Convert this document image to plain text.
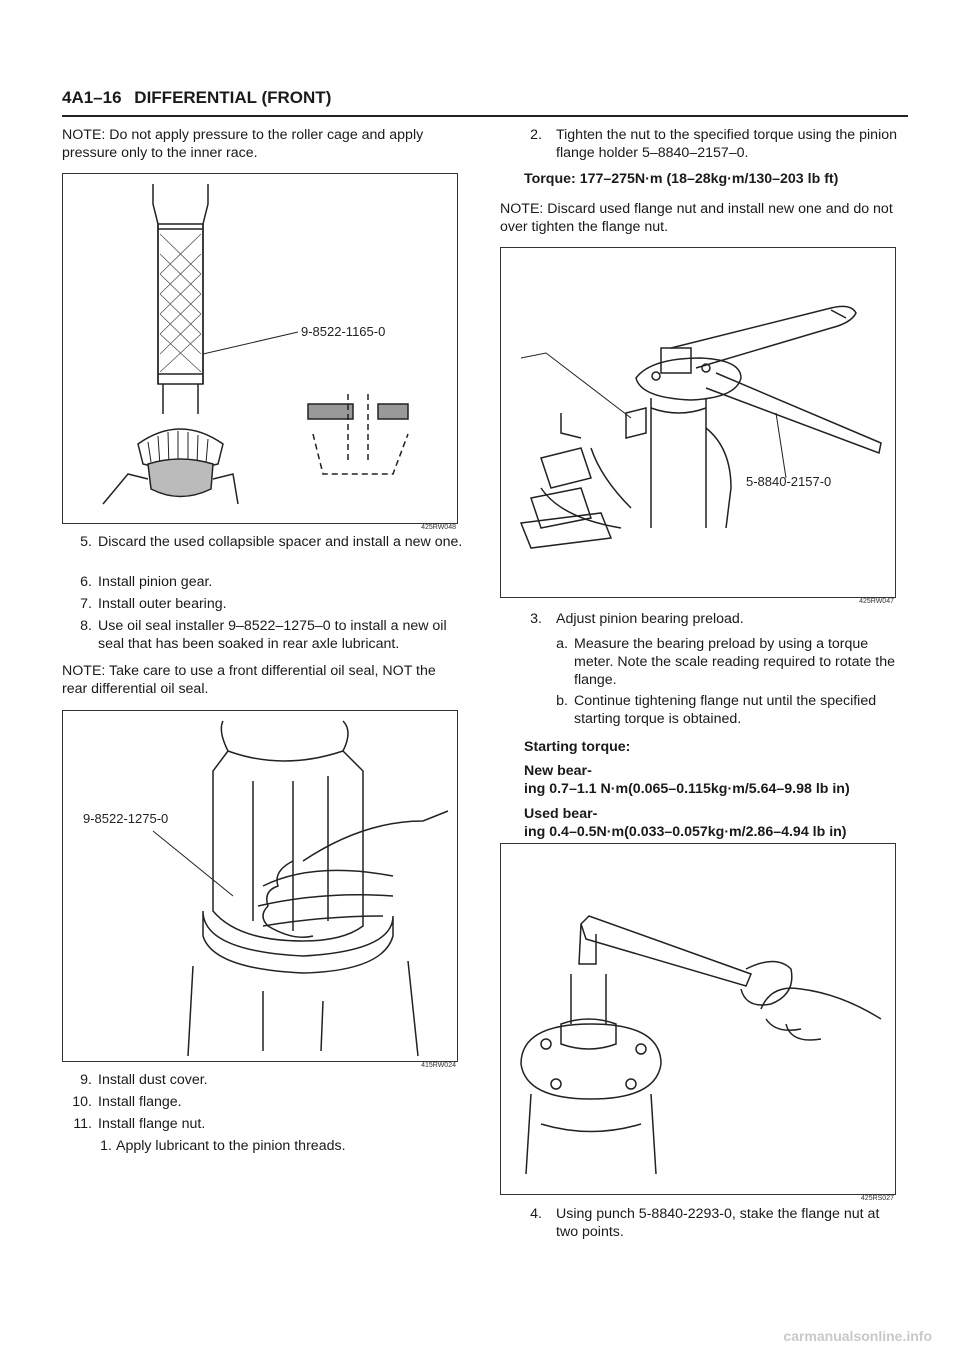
4A1–16 DIFFERENTIAL (FRONT)

NOTE: Do not apply pressure to the roller cage and apply pressure only to the inner race.

9-8522-1165-0
425RW048
5. Discard the used collapsible spacer and install a new one.
6. Install pinion gear.
7. Install outer bearing.
8. Use oil seal installer 9–8522–1275–0 to install a new oil seal that has been soaked in rear axle lubricant.

NOTE: Take care to use a front differential oil seal, NOT the rear differential oil seal.

9-8522-1275-0
415RW024
9. Install dust cover.
10. Install flange.
11. Install flange nut.
1. Apply lubricant to the pinion threads.
2. Tighten the nut to the specified torque using the pinion flange holder 5–8840–2157–0.
Torque: 177–275N·m (18–28kg·m/130–203 lb ft)

NOTE: Discard used flange nut and install new one and do not over tighten the flange nut.

5-8840-2157-0
425RW047
3. Adjust pinion bearing preload.
a. Measure the bearing preload by using a torque meter. Note the scale reading required to rotate the flange.
b. Continue tightening flange nut until the specified starting torque is obtained.
Starting torque:
New bear-
ing 0.7–1.1 N·m(0.065–0.115kg·m/5.64–9.98 lb in)
Used bear-
ing 0.4–0.5N·m(0.033–0.057kg·m/2.86–4.94 lb in)
425RS027
4. Using punch 5-8840-2293-0, stake the flange nut at two points.
carmanualsonline.info
